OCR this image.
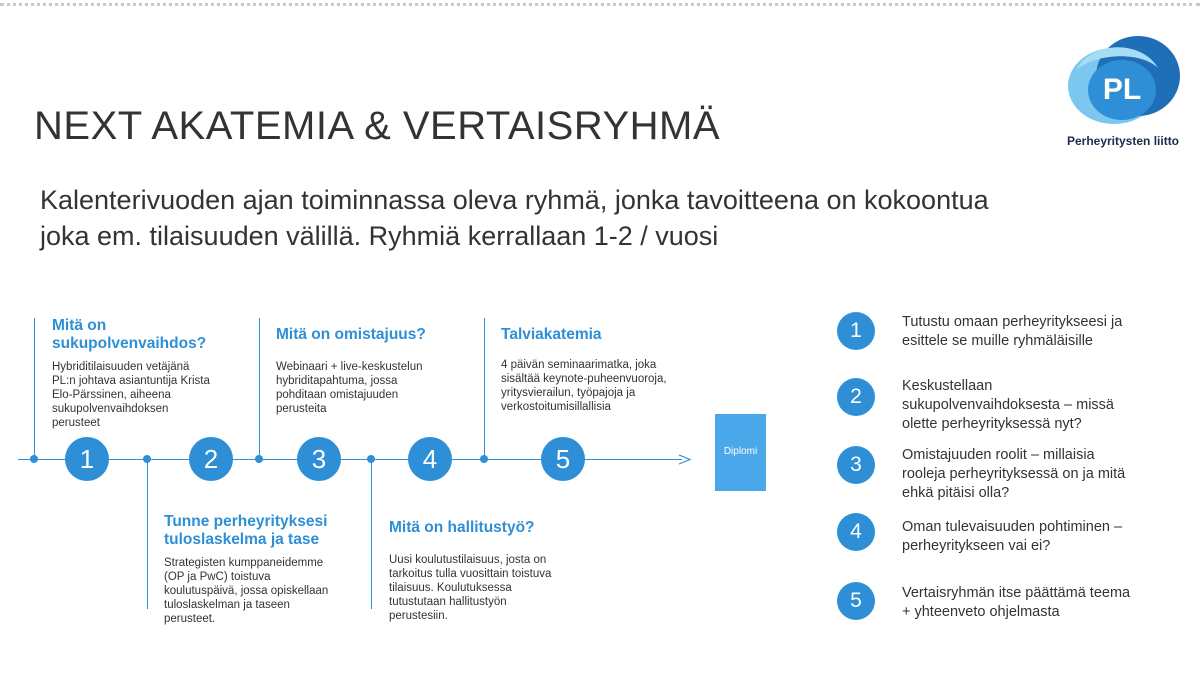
PL
Perheyritysten liitto
NEXT AKATEMIA & VERTAISRYHMÄ
Kalenterivuoden ajan toiminnassa oleva ryhmä, jonka tavoitteena on kokoontua
joka em. tilaisuuden välillä. Ryhmiä kerrallaan 1-2 / vuosi
1	2	3	4	5
Mitä on
sukupolvenvaihdos?
Hybriditilaisuuden vetäjänä
PL:n johtava asiantuntija Krista
Elo-Pärssinen, aiheena
sukupolvenvaihdoksen
perusteet
Tunne perheyrityksesi
tuloslaskelma ja tase
Strategisten kumppaneidemme
(OP ja PwC) toistuva
koulutuspäivä, jossa opiskellaan
tuloslaskelman ja taseen
perusteet.
Mitä on omistajuus?
Webinaari + live-keskustelun
hybriditapahtuma, jossa
pohditaan omistajuuden
perusteita
Mitä on hallitustyö?
Uusi koulutustilaisuus, josta on
tarkoitus tulla vuosittain toistuva
tilaisuus. Koulutuksessa
tutustutaan hallitustyön
perustesiin.
Talviakatemia
4 päivän seminaarimatka, joka
sisältää keynote-puheenvuoroja,
yritysvierailun, työpajoja ja
verkostoitumisillallisia
Diplomi
1	Tutustu omaan perheyritykseesi ja
esittele se muille ryhmäläisille
2	Keskustellaan
sukupolvenvaihdoksesta – missä
olette perheyrityksessä nyt?
3	Omistajuuden roolit – millaisia
rooleja perheyrityksessä on ja mitä
ehkä pitäisi olla?
4	Oman tulevaisuuden pohtiminen –
perheyritykseen vai ei?
5	Vertaisryhmän itse päättämä teema
+ yhteenveto ohjelmasta
